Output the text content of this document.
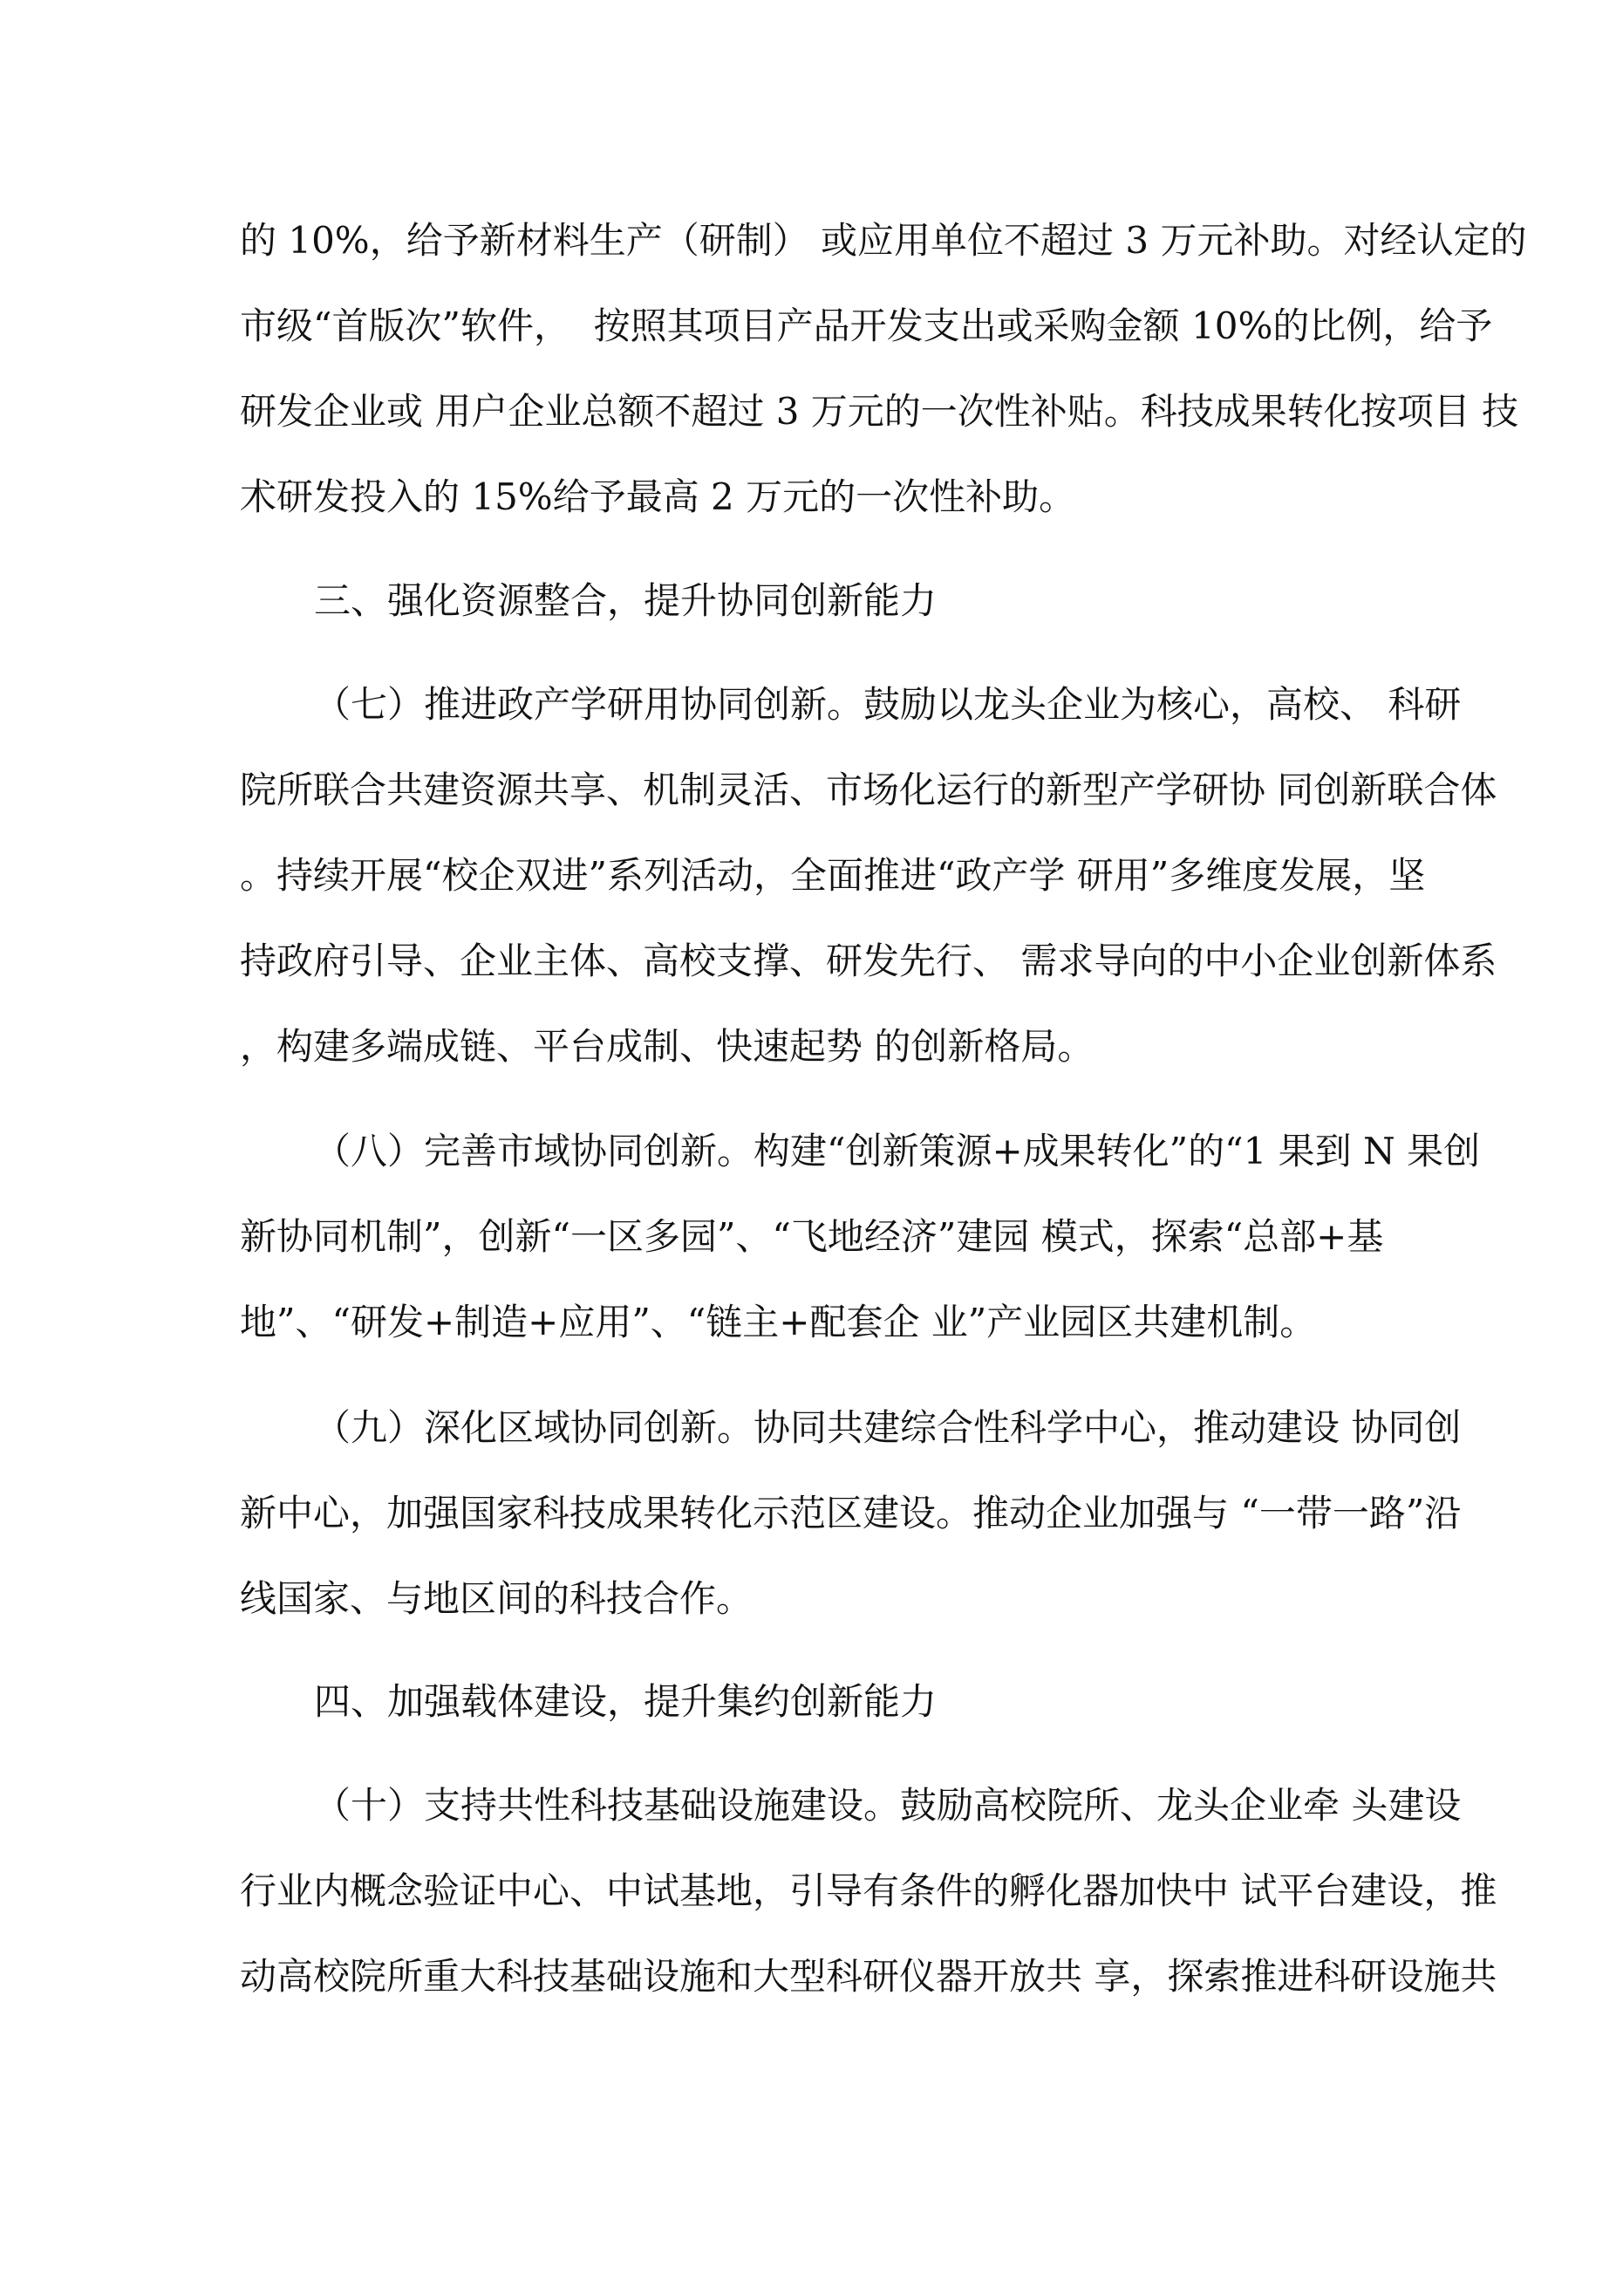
的 10%，给予新材料生产（研制） 或应用单位不超过 3 万元补助。对经认定的
市级“首版次”软件，  按照其项目产品开发支出或采购金额 10%的比例，给予
研发企业或 用户企业总额不超过 3 万元的一次性补贴。科技成果转化按项目 技
术研发投入的 15%给予最高 2 万元的一次性补助。
三、强化资源整合，提升协同创新能力
（七）推进政产学研用协同创新。鼓励以龙头企业为核心，高校、 科研
院所联合共建资源共享、机制灵活、市场化运行的新型产学研协 同创新联合体
。持续开展“校企双进”系列活动，全面推进“政产学 研用”多维度发展，坚
持政府引导、企业主体、高校支撑、研发先行、 需求导向的中小企业创新体系
，构建多端成链、平台成制、快速起势 的创新格局。
（八）完善市域协同创新。构建“创新策源+成果转化”的“1 果到 N 果创
新协同机制”，创新“一区多园”、“飞地经济”建园 模式，探索“总部+基
地”、“研发+制造+应用”、“链主+配套企 业”产业园区共建机制。
（九）深化区域协同创新。协同共建综合性科学中心，推动建设 协同创
新中心，加强国家科技成果转化示范区建设。推动企业加强与 “一带一路”沿
线国家、与地区间的科技合作。
四、加强载体建设，提升集约创新能力
（十）支持共性科技基础设施建设。鼓励高校院所、龙头企业牵 头建设
行业内概念验证中心、中试基地，引导有条件的孵化器加快中 试平台建设，推
动高校院所重大科技基础设施和大型科研仪器开放共 享，探索推进科研设施共
